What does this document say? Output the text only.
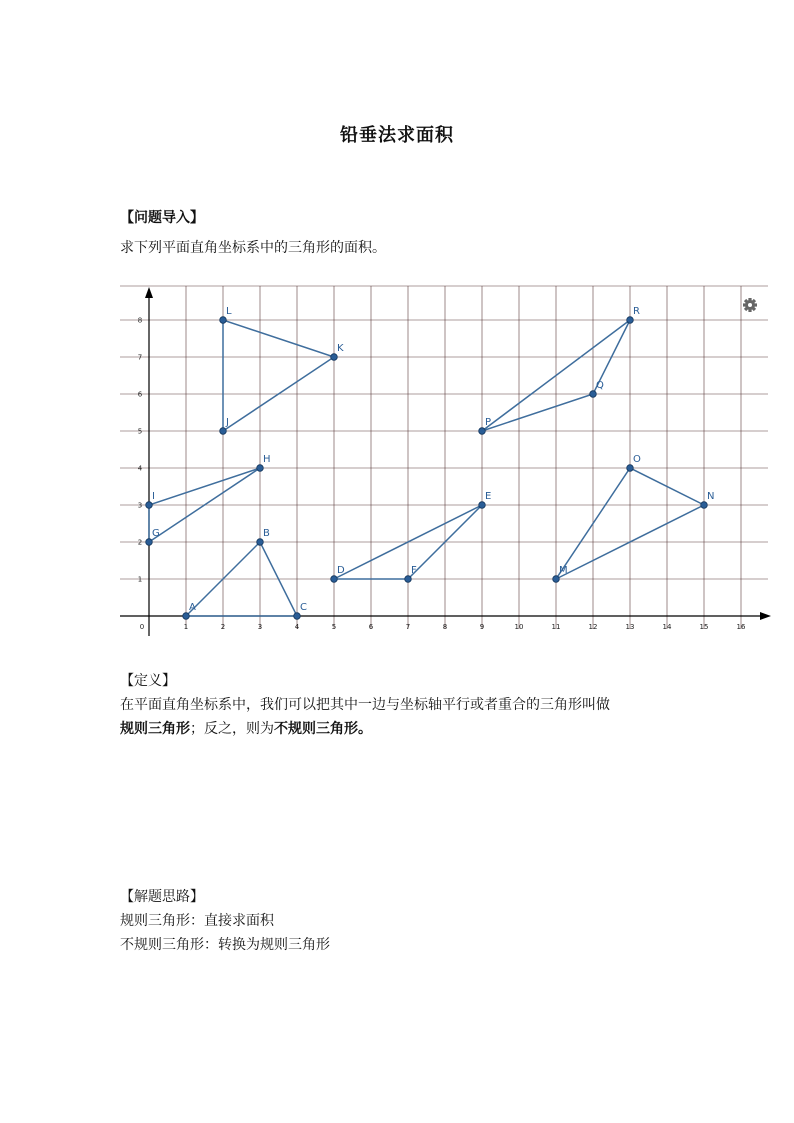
铅垂法求面积
【问题导入】
求下列平面直角坐标系中的三角形的面积。
0	1	2	3	4	5	6	7	8	9	10	11	12	13	14	15	16
1
2
3
4
5
6
7
8
A
B
C
D
E
F
G
H
I
J
K
L
M
N
O
P
Q
R
【定义】
在平面直角坐标系中，我们可以把其中一边与坐标轴平行或者重合的三角形叫做
规则三角形；反之，则为不规则三角形。
【解题思路】
规则三角形：直接求面积
不规则三角形：转换为规则三角形
